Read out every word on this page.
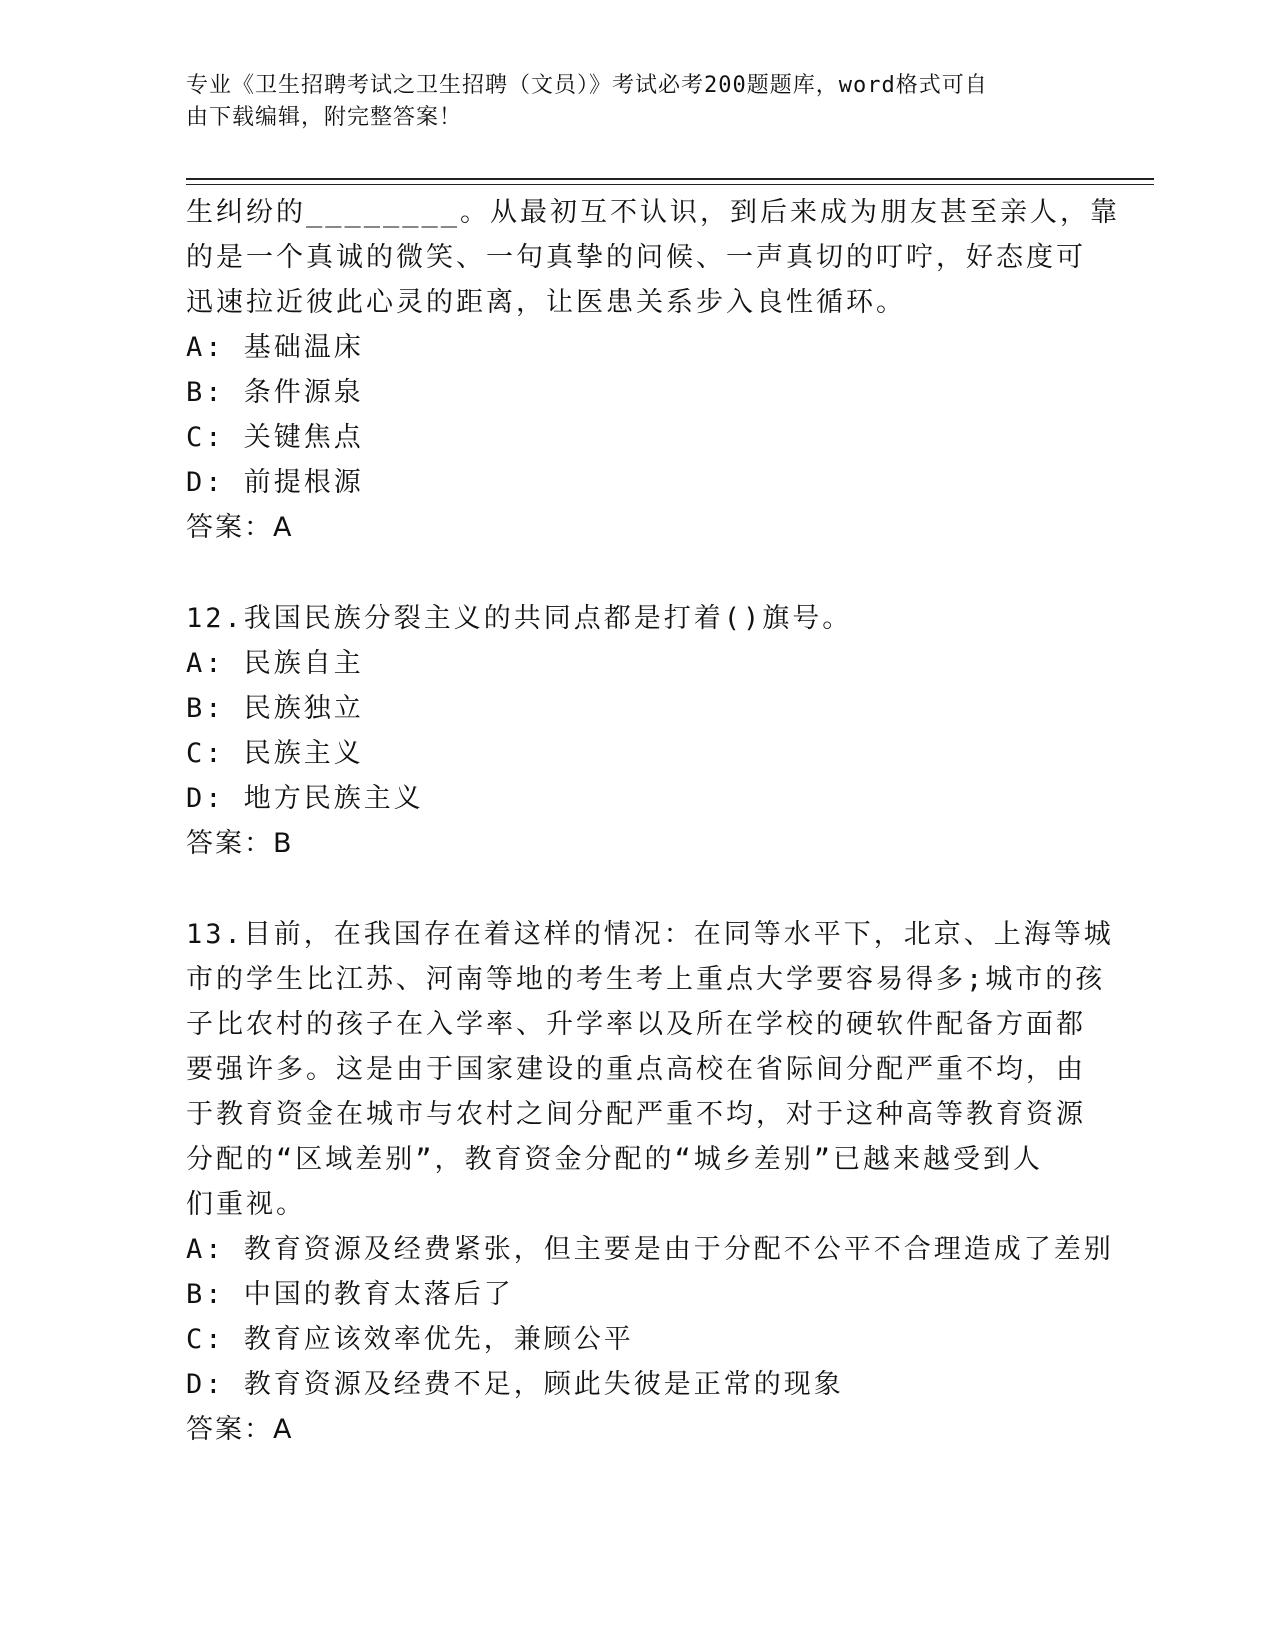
专业《卫生招聘考试之卫生招聘（文员）》考试必考200题题库，word格式可自
由下载编辑，附完整答案！
生纠纷的________。从最初互不认识，到后来成为朋友甚至亲人，靠
的是一个真诚的微笑、一句真挚的问候、一声真切的叮咛，好态度可
迅速拉近彼此心灵的距离，让医患关系步入良性循环。
A: 基础温床
B: 条件源泉
C: 关键焦点
D: 前提根源
答案：A
12.我国民族分裂主义的共同点都是打着()旗号。
A: 民族自主
B: 民族独立
C: 民族主义
D: 地方民族主义
答案：B
13.目前，在我国存在着这样的情况：在同等水平下，北京、上海等城
市的学生比江苏、河南等地的考生考上重点大学要容易得多;城市的孩
子比农村的孩子在入学率、升学率以及所在学校的硬软件配备方面都
要强许多。这是由于国家建设的重点高校在省际间分配严重不均，由
于教育资金在城市与农村之间分配严重不均，对于这种高等教育资源
分配的“区域差别”，教育资金分配的“城乡差别”已越来越受到人
们重视。
A: 教育资源及经费紧张，但主要是由于分配不公平不合理造成了差别
B: 中国的教育太落后了
C: 教育应该效率优先，兼顾公平
D: 教育资源及经费不足，顾此失彼是正常的现象
答案：A
